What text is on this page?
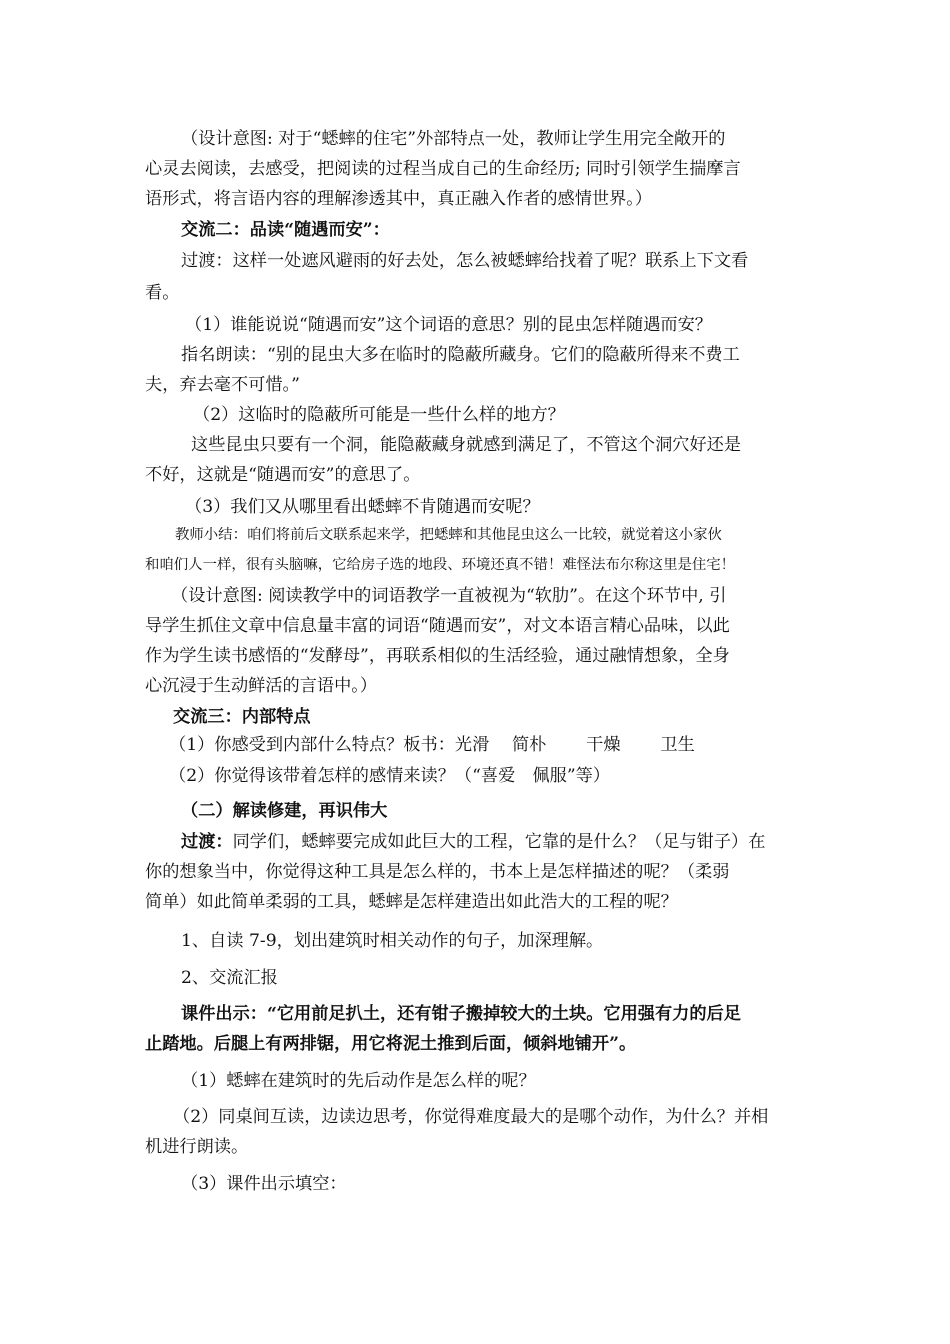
（设计意图: 对于“蟋蟀的住宅”外部特点一处，教师让学生用完全敞开的
心灵去阅读，去感受，把阅读的过程当成自己的生命经历; 同时引领学生揣摩言
语形式，将言语内容的理解渗透其中，真正融入作者的感情世界。）
交流二：品读“随遇而安”：
过渡：这样一处遮风避雨的好去处，怎么被蟋蟀给找着了呢？联系上下文看
看。
（1）谁能说说“随遇而安”这个词语的意思？别的昆虫怎样随遇而安？
指名朗读：“别的昆虫大多在临时的隐蔽所藏身。它们的隐蔽所得来不费工
夫，弃去毫不可惜。”
（2）这临时的隐蔽所可能是一些什么样的地方？
这些昆虫只要有一个洞，能隐蔽藏身就感到满足了，不管这个洞穴好还是
不好，这就是“随遇而安”的意思了。
（3）我们又从哪里看出蟋蟀不肯随遇而安呢？
教师小结：咱们将前后文联系起来学，把蟋蟀和其他昆虫这么一比较，就觉着这小家伙
和咱们人一样，很有头脑嘛，它给房子选的地段、环境还真不错！难怪法布尔称这里是住宅！
（设计意图: 阅读教学中的词语教学一直被视为“软肋”。在这个环节中, 引
导学生抓住文章中信息量丰富的词语“随遇而安”，对文本语言精心品味，以此
作为学生读书感悟的“发酵母”，再联系相似的生活经验，通过融情想象，全身
心沉浸于生动鲜活的言语中。）
交流三：内部特点
（1）你感受到内部什么特点？板书：光滑　 简朴　　 干燥　　 卫生
（2）你觉得该带着怎样的感情来读？（“喜爱　佩服”等）
（二）解读修建，再识伟大
过渡：同学们，蟋蟀要完成如此巨大的工程，它靠的是什么？（足与钳子）在
你的想象当中，你觉得这种工具是怎么样的，书本上是怎样描述的呢？（柔弱
简单）如此简单柔弱的工具，蟋蟀是怎样建造出如此浩大的工程的呢？
1、自读 7-9，划出建筑时相关动作的句子，加深理解。
2、交流汇报
课件出示：“它用前足扒土，还有钳子搬掉较大的土块。它用强有力的后足
止踏地。后腿上有两排锯，用它将泥土推到后面，倾斜地铺开”。
（1）蟋蟀在建筑时的先后动作是怎么样的呢？
（2）同桌间互读，边读边思考，你觉得难度最大的是哪个动作，为什么？并相
机进行朗读。
（3）课件出示填空：
